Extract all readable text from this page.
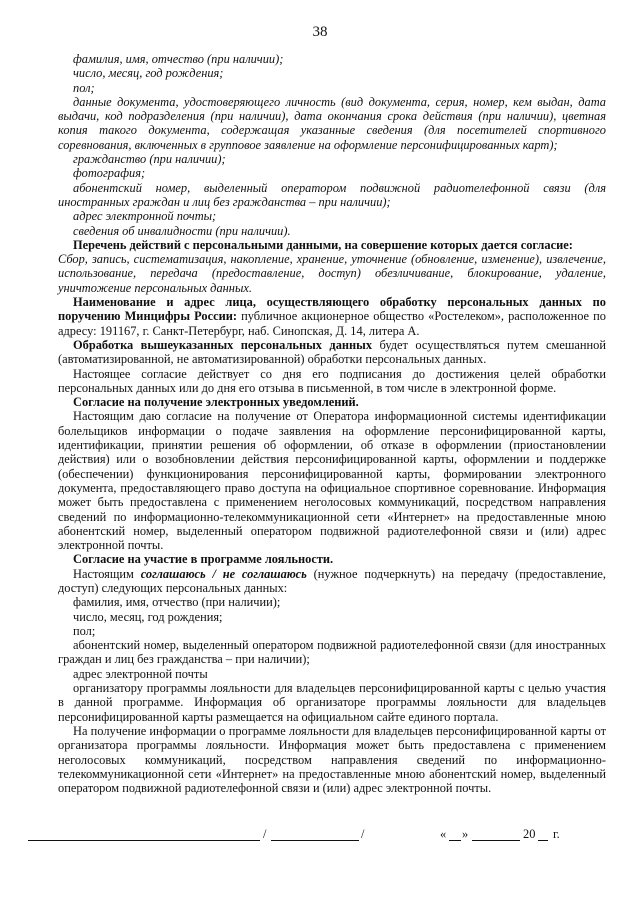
38

фамилия, имя, отчество (при наличии);

число, месяц, год рождения;

пол;

данные документа, удостоверяющего личность (вид документа, серия, номер, кем выдан, дата выдачи, код подразделения (при наличии), дата окончания срока действия (при наличии), цветная копия такого документа, содержащая указанные сведения (для посетителей спортивного соревнования, включенных в групповое заявление на оформление персонифицированных карт);

гражданство (при наличии);

фотография;

абонентский номер, выделенный оператором подвижной радиотелефонной связи (для иностранных граждан и лиц без гражданства – при наличии);

адрес электронной почты;

сведения об инвалидности (при наличии).

Перечень действий с персональными данными, на совершение которых дается согласие:

Сбор, запись, систематизация, накопление, хранение, уточнение (обновление, изменение), извлечение, использование, передача (предоставление, доступ) обезличивание, блокирование, удаление, уничтожение персональных данных.

Наименование и адрес лица, осуществляющего обработку персональных данных по поручению Минцифры России: публичное акционерное общество «Ростелеком», расположенное по адресу: 191167, г. Санкт-Петербург, наб. Синопская, Д. 14, литера А.

Обработка вышеуказанных персональных данных будет осуществляться путем смешанной (автоматизированной, не автоматизированной) обработки персональных данных.

Настоящее согласие действует со дня его подписания до достижения целей обработки персональных данных или до дня его отзыва в письменной, в том числе в электронной форме.

Согласие на получение электронных уведомлений.

Настоящим даю согласие на получение от Оператора информационной системы идентификации болельщиков информации о подаче заявления на оформление персонифицированной карты, идентификации, принятии решения об оформлении, об отказе в оформлении (приостановлении действия) или о возобновлении действия персонифицированной карты, оформлении и поддержке (обеспечении) функционирования персонифицированной карты, формировании электронного документа, предоставляющего право доступа на официальное спортивное соревнование. Информация может быть предоставлена с применением неголосовых коммуникаций, посредством направления сведений по информационно-телекоммуникационной сети «Интернет» на предоставленные мною абонентский номер, выделенный оператором подвижной радиотелефонной связи и (или) адрес электронной почты.

Согласие на участие в программе лояльности.

Настоящим соглашаюсь / не соглашаюсь (нужное подчеркнуть) на передачу (предоставление, доступ) следующих персональных данных:

фамилия, имя, отчество (при наличии);

число, месяц, год рождения;

пол;

абонентский номер, выделенный оператором подвижной радиотелефонной связи (для иностранных граждан и лиц без гражданства – при наличии);

адрес электронной почты

организатору программы лояльности для владельцев персонифицированной карты с целью участия в данной программе. Информация об организаторе программы лояльности для владельцев персонифицированной карты размещается на официальном сайте единого портала.

На получение информации о программе лояльности для владельцев персонифицированной карты от организатора программы лояльности. Информация может быть предоставлена с применением неголосовых коммуникаций, посредством направления сведений по информационно-телекоммуникационной сети «Интернет» на предоставленные мною абонентский номер, выделенный оператором подвижной радиотелефонной связи и (или) адрес электронной почты.

/	/	« »	20 г.
